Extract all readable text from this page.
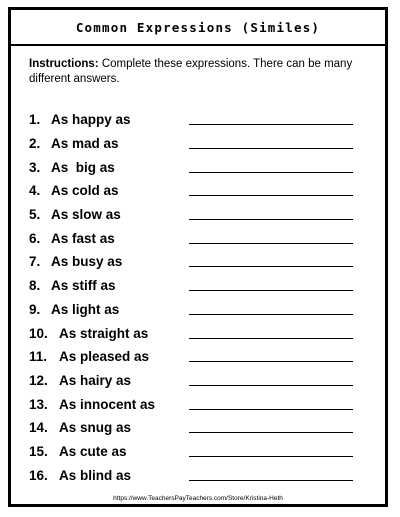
Common Expressions (Similes)
Instructions: Complete these expressions. There can be many different answers.
1. As happy as
2. As mad as
3. As  big as
4. As cold as
5. As slow as
6. As fast as
7. As busy as
8. As stiff as
9. As light as
10. As straight as
11. As pleased as
12. As hairy as
13. As innocent as
14. As snug as
15. As cute as
16. As blind as
https://www.TeachersPayTeachers.com/Store/Kristina-Heth
